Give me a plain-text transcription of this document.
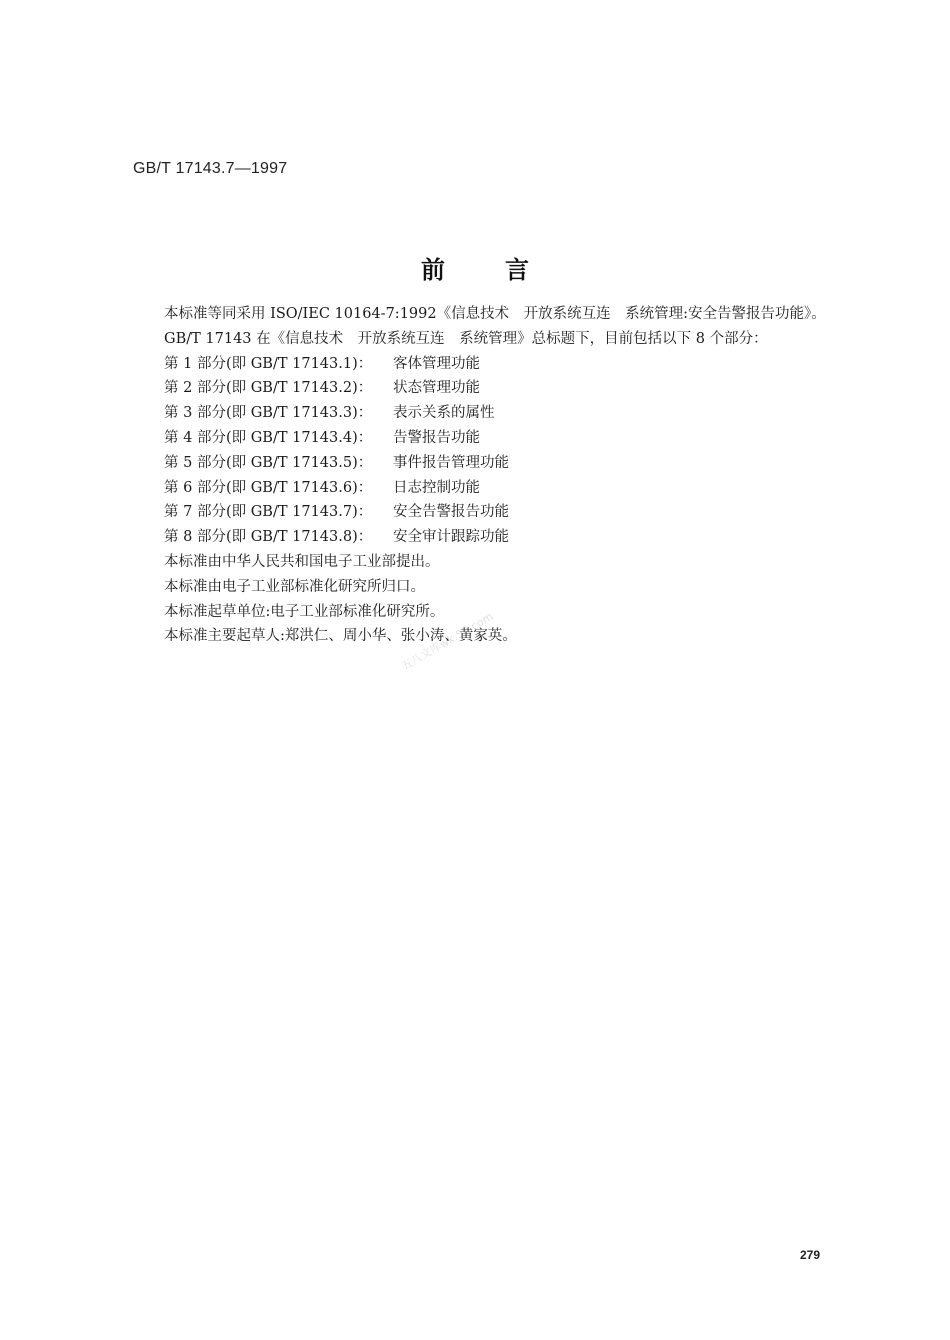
GB/T 17143.7—1997
前言

本标准等同采用 ISO/IEC 10164-7:1992《信息技术　开放系统互连　系统管理:安全告警报告功能》。

GB/T 17143 在《信息技术　开放系统互连　系统管理》总标题下，目前包括以下 8 个部分：

第 1 部分(即 GB/T 17143.1)： 客体管理功能
第 2 部分(即 GB/T 17143.2)： 状态管理功能
第 3 部分(即 GB/T 17143.3)： 表示关系的属性
第 4 部分(即 GB/T 17143.4)： 告警报告功能
第 5 部分(即 GB/T 17143.5)： 事件报告管理功能
第 6 部分(即 GB/T 17143.6)： 日志控制功能
第 7 部分(即 GB/T 17143.7)： 安全告警报告功能
第 8 部分(即 GB/T 17143.8)： 安全审计跟踪功能

本标准由中华人民共和国电子工业部提出。

本标准由电子工业部标准化研究所归口。

本标准起草单位:电子工业部标准化研究所。

本标准主要起草人:郑洪仁、周小华、张小涛、黄家英。

五八文库wk.58.com
279
